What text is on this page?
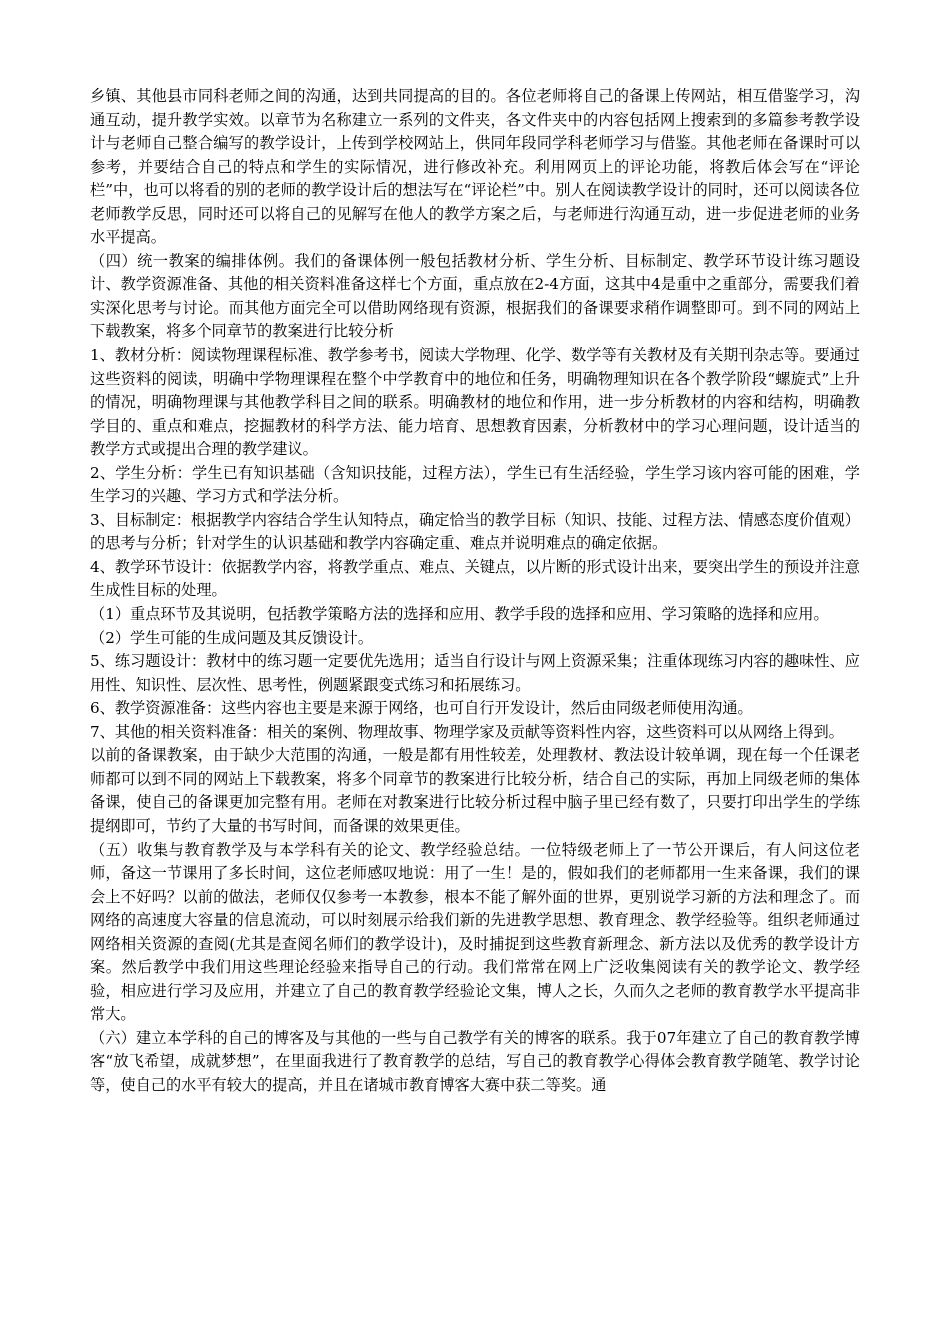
乡镇、其他县市同科老师之间的沟通，达到共同提高的目的。各位老师将自己的备课上传网站，相互借鉴学习，沟通互动，提升教学实效。以章节为名称建立一系列的文件夹，各文件夹中的内容包括网上搜索到的多篇参考教学设计与老师自己整合编写的教学设计，上传到学校网站上，供同年段同学科老师学习与借鉴。其他老师在备课时可以参考，并要结合自己的特点和学生的实际情况，进行修改补充。利用网页上的评论功能，将教后体会写在“评论栏”中，也可以将看的别的老师的教学设计后的想法写在“评论栏”中。别人在阅读教学设计的同时，还可以阅读各位老师教学反思，同时还可以将自己的见解写在他人的教学方案之后，与老师进行沟通互动，进一步促进老师的业务水平提高。

（四）统一教案的编排体例。我们的备课体例一般包括教材分析、学生分析、目标制定、教学环节设计练习题设计、教学资源准备、其他的相关资料准备这样七个方面，重点放在2-4方面，这其中4是重中之重部分，需要我们着实深化思考与讨论。而其他方面完全可以借助网络现有资源，根据我们的备课要求稍作调整即可。到不同的网站上下载教案，将多个同章节的教案进行比较分析

1、教材分析：阅读物理课程标准、教学参考书，阅读大学物理、化学、数学等有关教材及有关期刊杂志等。要通过这些资料的阅读，明确中学物理课程在整个中学教育中的地位和任务，明确物理知识在各个教学阶段“螺旋式”上升的情况，明确物理课与其他教学科目之间的联系。明确教材的地位和作用，进一步分析教材的内容和结构，明确教学目的、重点和难点，挖掘教材的科学方法、能力培育、思想教育因素，分析教材中的学习心理问题，设计适当的教学方式或提出合理的教学建议。

2、学生分析：学生已有知识基础（含知识技能，过程方法），学生已有生活经验，学生学习该内容可能的困难，学生学习的兴趣、学习方式和学法分析。

3、目标制定：根据教学内容结合学生认知特点，确定恰当的教学目标（知识、技能、过程方法、情感态度价值观）的思考与分析；针对学生的认识基础和教学内容确定重、难点并说明难点的确定依据。

4、教学环节设计：依据教学内容，将教学重点、难点、关键点，以片断的形式设计出来，要突出学生的预设并注意生成性目标的处理。

（1）重点环节及其说明，包括教学策略方法的选择和应用、教学手段的选择和应用、学习策略的选择和应用。

（2）学生可能的生成问题及其反馈设计。

5、练习题设计：教材中的练习题一定要优先选用；适当自行设计与网上资源采集；注重体现练习内容的趣味性、应用性、知识性、层次性、思考性，例题紧跟变式练习和拓展练习。

6、教学资源准备：这些内容也主要是来源于网络，也可自行开发设计，然后由同级老师使用沟通。

7、其他的相关资料准备：相关的案例、物理故事、物理学家及贡献等资料性内容，这些资料可以从网络上得到。

以前的备课教案，由于缺少大范围的沟通，一般是都有用性较差，处理教材、教法设计较单调，现在每一个任课老师都可以到不同的网站上下载教案，将多个同章节的教案进行比较分析，结合自己的实际，再加上同级老师的集体备课，使自己的备课更加完整有用。老师在对教案进行比较分析过程中脑子里已经有数了，只要打印出学生的学练提纲即可，节约了大量的书写时间，而备课的效果更佳。

（五）收集与教育教学及与本学科有关的论文、教学经验总结。一位特级老师上了一节公开课后，有人问这位老师，备这一节课用了多长时间，这位老师感叹地说：用了一生！是的，假如我们的老师都用一生来备课，我们的课会上不好吗？以前的做法，老师仅仅参考一本教参，根本不能了解外面的世界，更别说学习新的方法和理念了。而网络的高速度大容量的信息流动，可以时刻展示给我们新的先进教学思想、教育理念、教学经验等。组织老师通过网络相关资源的查阅(尤其是查阅名师们的教学设计)，及时捕捉到这些教育新理念、新方法以及优秀的教学设计方案。然后教学中我们用这些理论经验来指导自己的行动。我们常常在网上广泛收集阅读有关的教学论文、教学经验，相应进行学习及应用，并建立了自己的教育教学经验论文集，博人之长，久而久之老师的教育教学水平提高非常大。

（六）建立本学科的自己的博客及与其他的一些与自己教学有关的博客的联系。我于07年建立了自己的教育教学博客“放飞希望，成就梦想”，在里面我进行了教育教学的总结，写自己的教育教学心得体会教育教学随笔、教学讨论等，使自己的水平有较大的提高，并且在诸城市教育博客大赛中获二等奖。通
